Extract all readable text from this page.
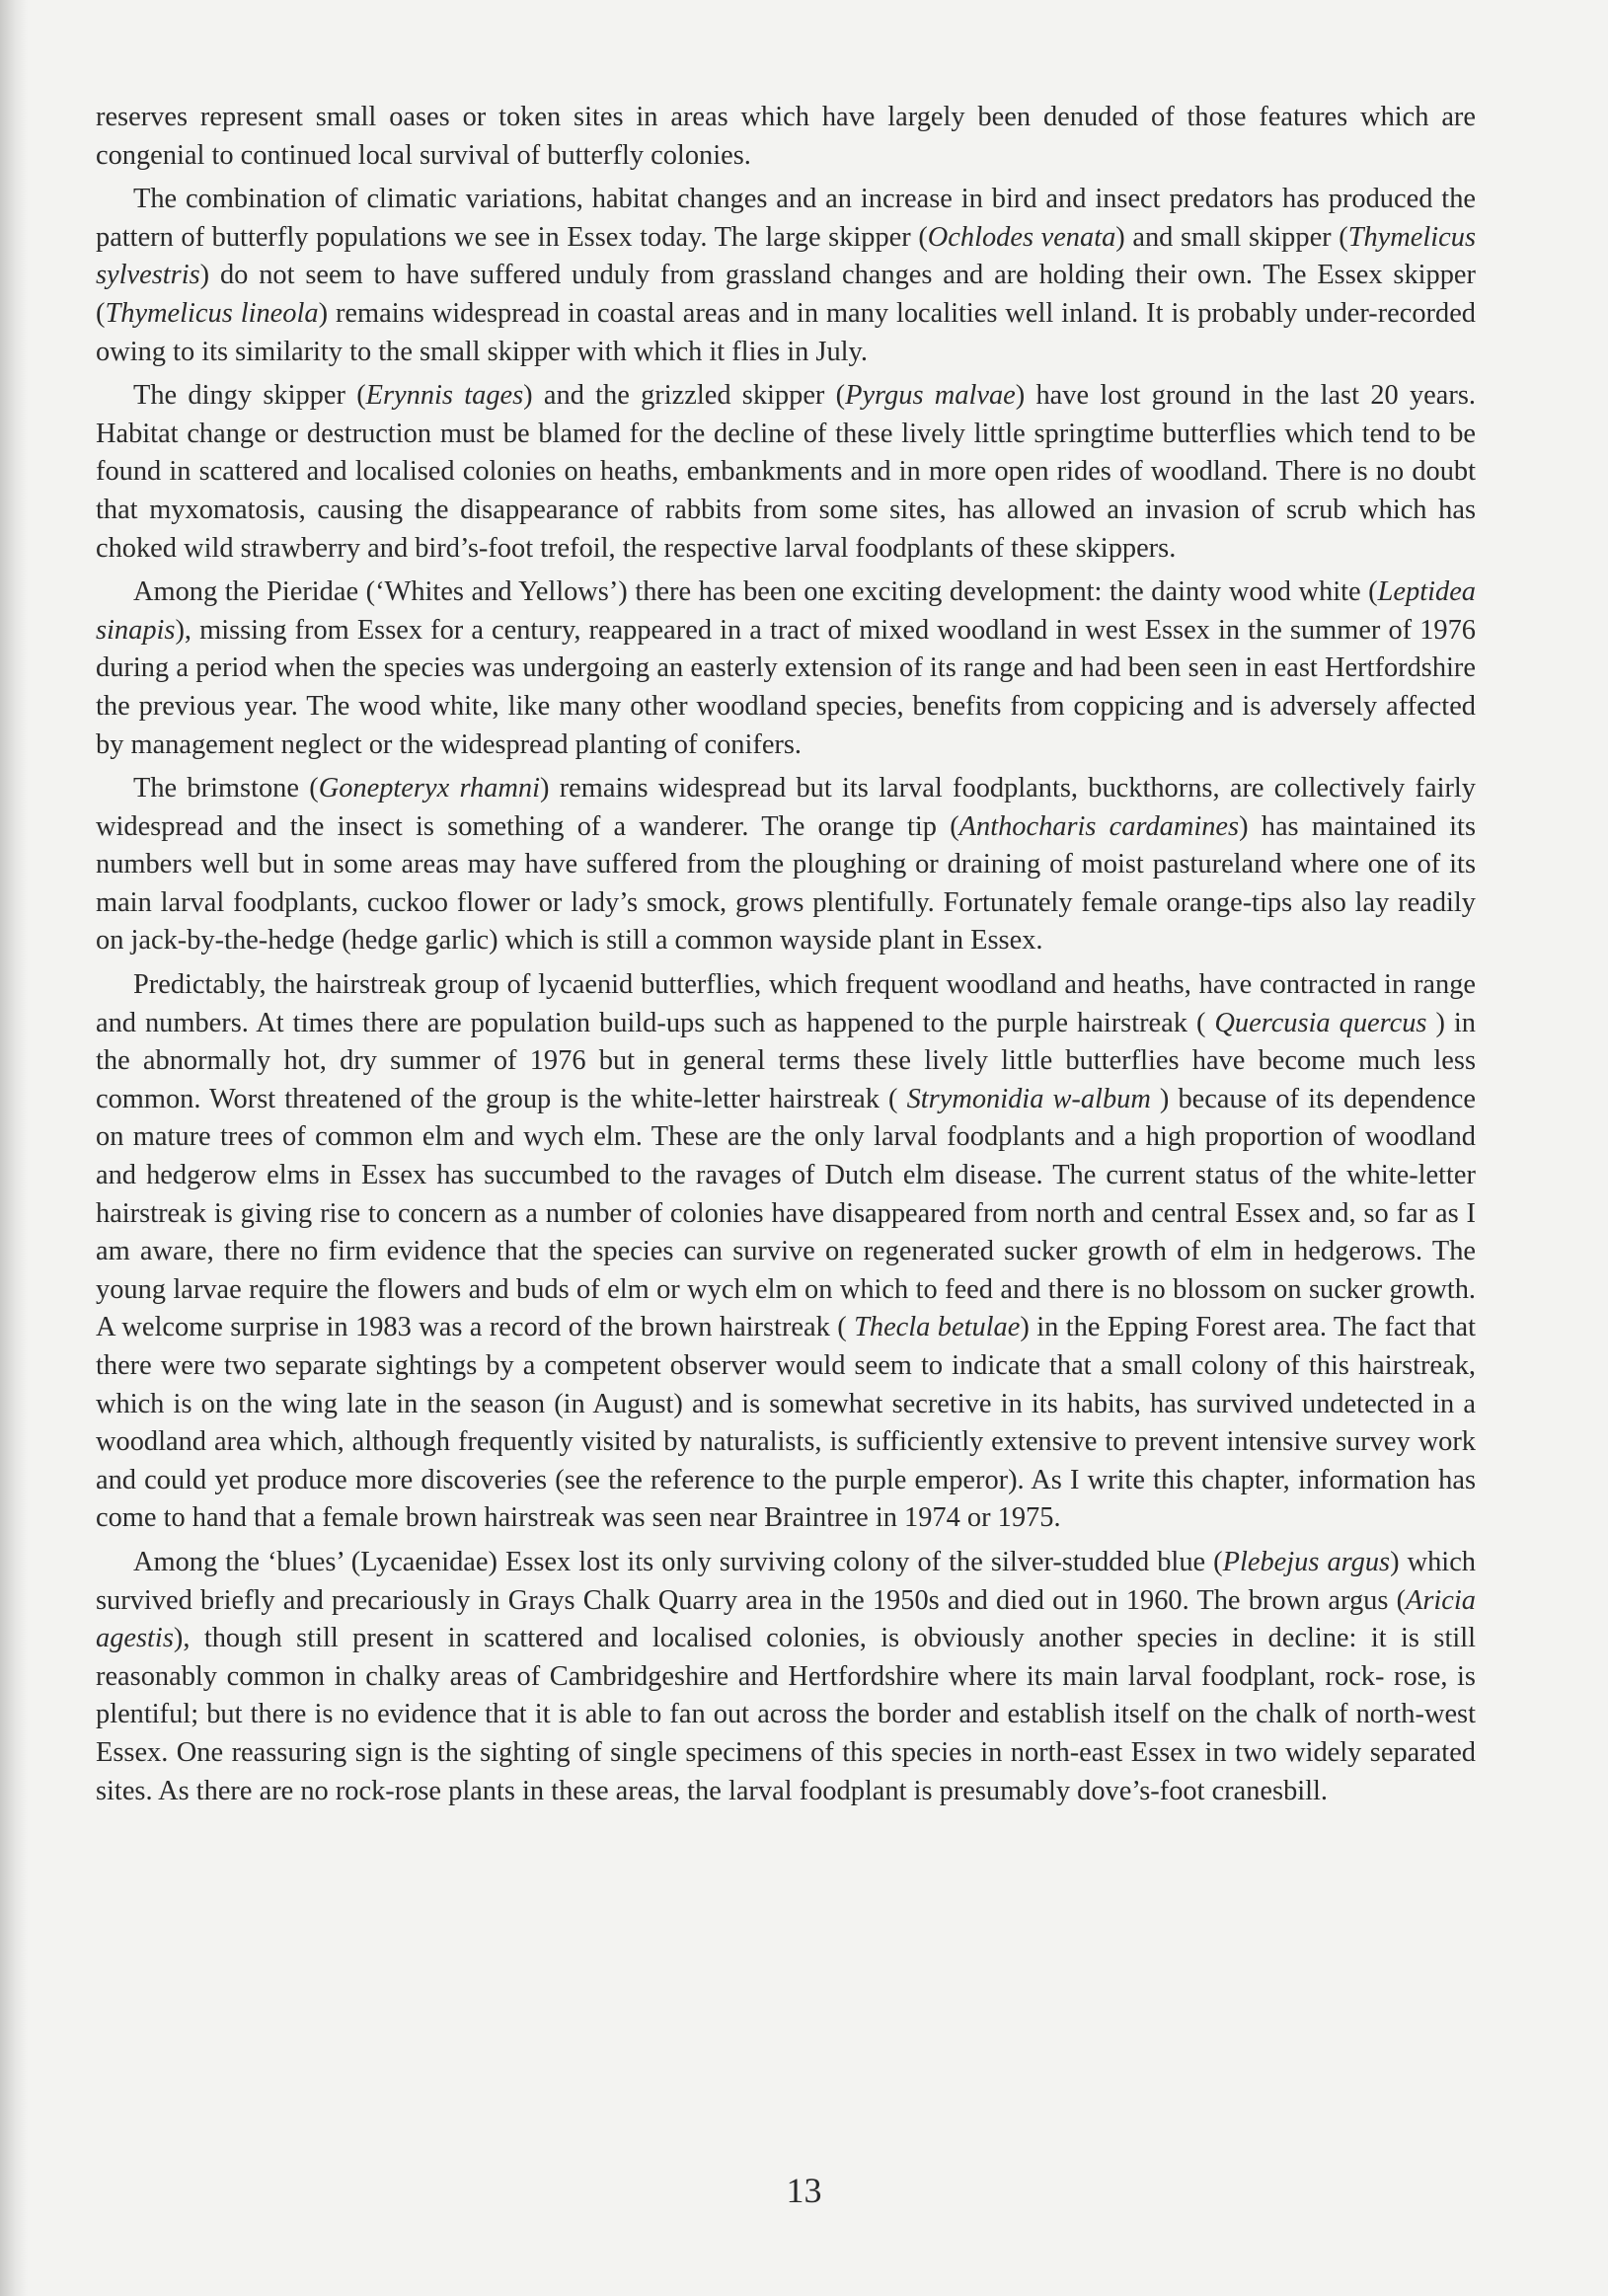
reserves represent small oases or token sites in areas which have largely been denuded of those features which are congenial to continued local survival of butterfly colonies.

The combination of climatic variations, habitat changes and an increase in bird and insect predators has produced the pattern of butterfly populations we see in Essex today. The large skipper (Ochlodes venata) and small skipper (Thymelicus sylvestris) do not seem to have suffered unduly from grassland changes and are holding their own. The Essex skipper (Thymelicus lineola) remains widespread in coastal areas and in many localities well inland. It is probably under-recorded owing to its similarity to the small skipper with which it flies in July.

The dingy skipper (Erynnis tages) and the grizzled skipper (Pyrgus malvae) have lost ground in the last 20 years. Habitat change or destruction must be blamed for the decline of these lively little springtime butterflies which tend to be found in scattered and localised colonies on heaths, embankments and in more open rides of woodland. There is no doubt that myxomatosis, causing the disappearance of rabbits from some sites, has allowed an invasion of scrub which has choked wild strawberry and bird’s-foot trefoil, the respective larval foodplants of these skippers.

Among the Pieridae (‘Whites and Yellows’) there has been one exciting development: the dainty wood white (Leptidea sinapis), missing from Essex for a century, reappeared in a tract of mixed woodland in west Essex in the summer of 1976 during a period when the species was undergoing an easterly extension of its range and had been seen in east Hertfordshire the previous year. The wood white, like many other woodland species, benefits from coppicing and is adversely affected by management neglect or the widespread planting of conifers.

The brimstone (Gonepteryx rhamni) remains widespread but its larval foodplants, buckthorns, are collectively fairly widespread and the insect is something of a wanderer. The orange tip (Anthocharis cardamines) has maintained its numbers well but in some areas may have suffered from the ploughing or draining of moist pastureland where one of its main larval foodplants, cuckoo flower or lady’s smock, grows plentifully. Fortunately female orange-tips also lay readily on jack-by-the-hedge (hedge garlic) which is still a common wayside plant in Essex.

Predictably, the hairstreak group of lycaenid butterflies, which frequent woodland and heaths, have contracted in range and numbers. At times there are population build-ups such as happened to the purple hairstreak ( Quercusia quercus ) in the abnormally hot, dry summer of 1976 but in general terms these lively little butterflies have become much less common. Worst threatened of the group is the white-letter hairstreak ( Strymonidia w-album ) because of its dependence on mature trees of common elm and wych elm. These are the only larval foodplants and a high proportion of woodland and hedgerow elms in Essex has succumbed to the ravages of Dutch elm disease. The current status of the white-letter hairstreak is giving rise to concern as a number of colonies have disappeared from north and central Essex and, so far as I am aware, there no firm evidence that the species can survive on regenerated sucker growth of elm in hedgerows. The young larvae require the flowers and buds of elm or wych elm on which to feed and there is no blossom on sucker growth. A welcome surprise in 1983 was a record of the brown hairstreak ( Thecla betulae) in the Epping Forest area. The fact that there were two separate sightings by a competent observer would seem to indicate that a small colony of this hairstreak, which is on the wing late in the season (in August) and is somewhat secretive in its habits, has survived undetected in a woodland area which, although frequently visited by naturalists, is sufficiently extensive to prevent intensive survey work and could yet produce more discoveries (see the reference to the purple emperor). As I write this chapter, information has come to hand that a female brown hairstreak was seen near Braintree in 1974 or 1975.

Among the ‘blues’ (Lycaenidae) Essex lost its only surviving colony of the silver-studded blue (Plebejus argus) which survived briefly and precariously in Grays Chalk Quarry area in the 1950s and died out in 1960. The brown argus (Aricia agestis), though still present in scattered and localised colonies, is obviously another species in decline: it is still reasonably common in chalky areas of Cambridgeshire and Hertfordshire where its main larval foodplant, rock- rose, is plentiful; but there is no evidence that it is able to fan out across the border and establish itself on the chalk of north-west Essex. One reassuring sign is the sighting of single specimens of this species in north-east Essex in two widely separated sites. As there are no rock-rose plants in these areas, the larval foodplant is presumably dove’s-foot cranesbill.

13
